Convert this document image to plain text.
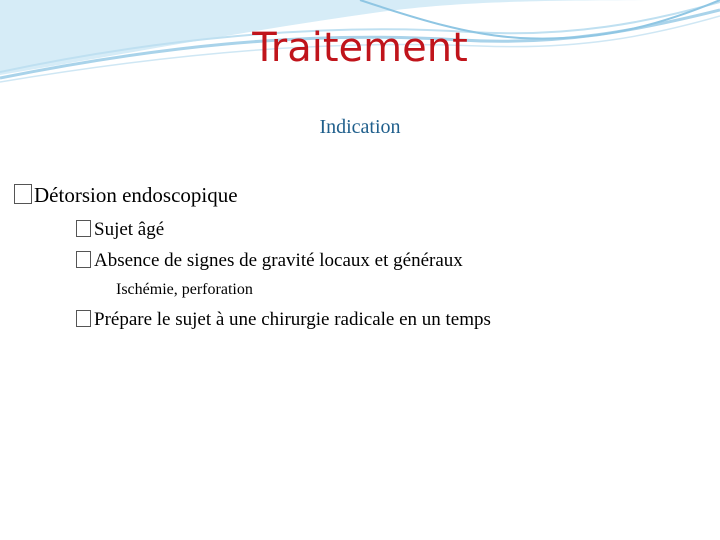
Traitement
Indication
Détorsion endoscopique
Sujet âgé
Absence de signes de gravité locaux et généraux
Ischémie, perforation
Prépare le sujet à une chirurgie radicale en un temps
